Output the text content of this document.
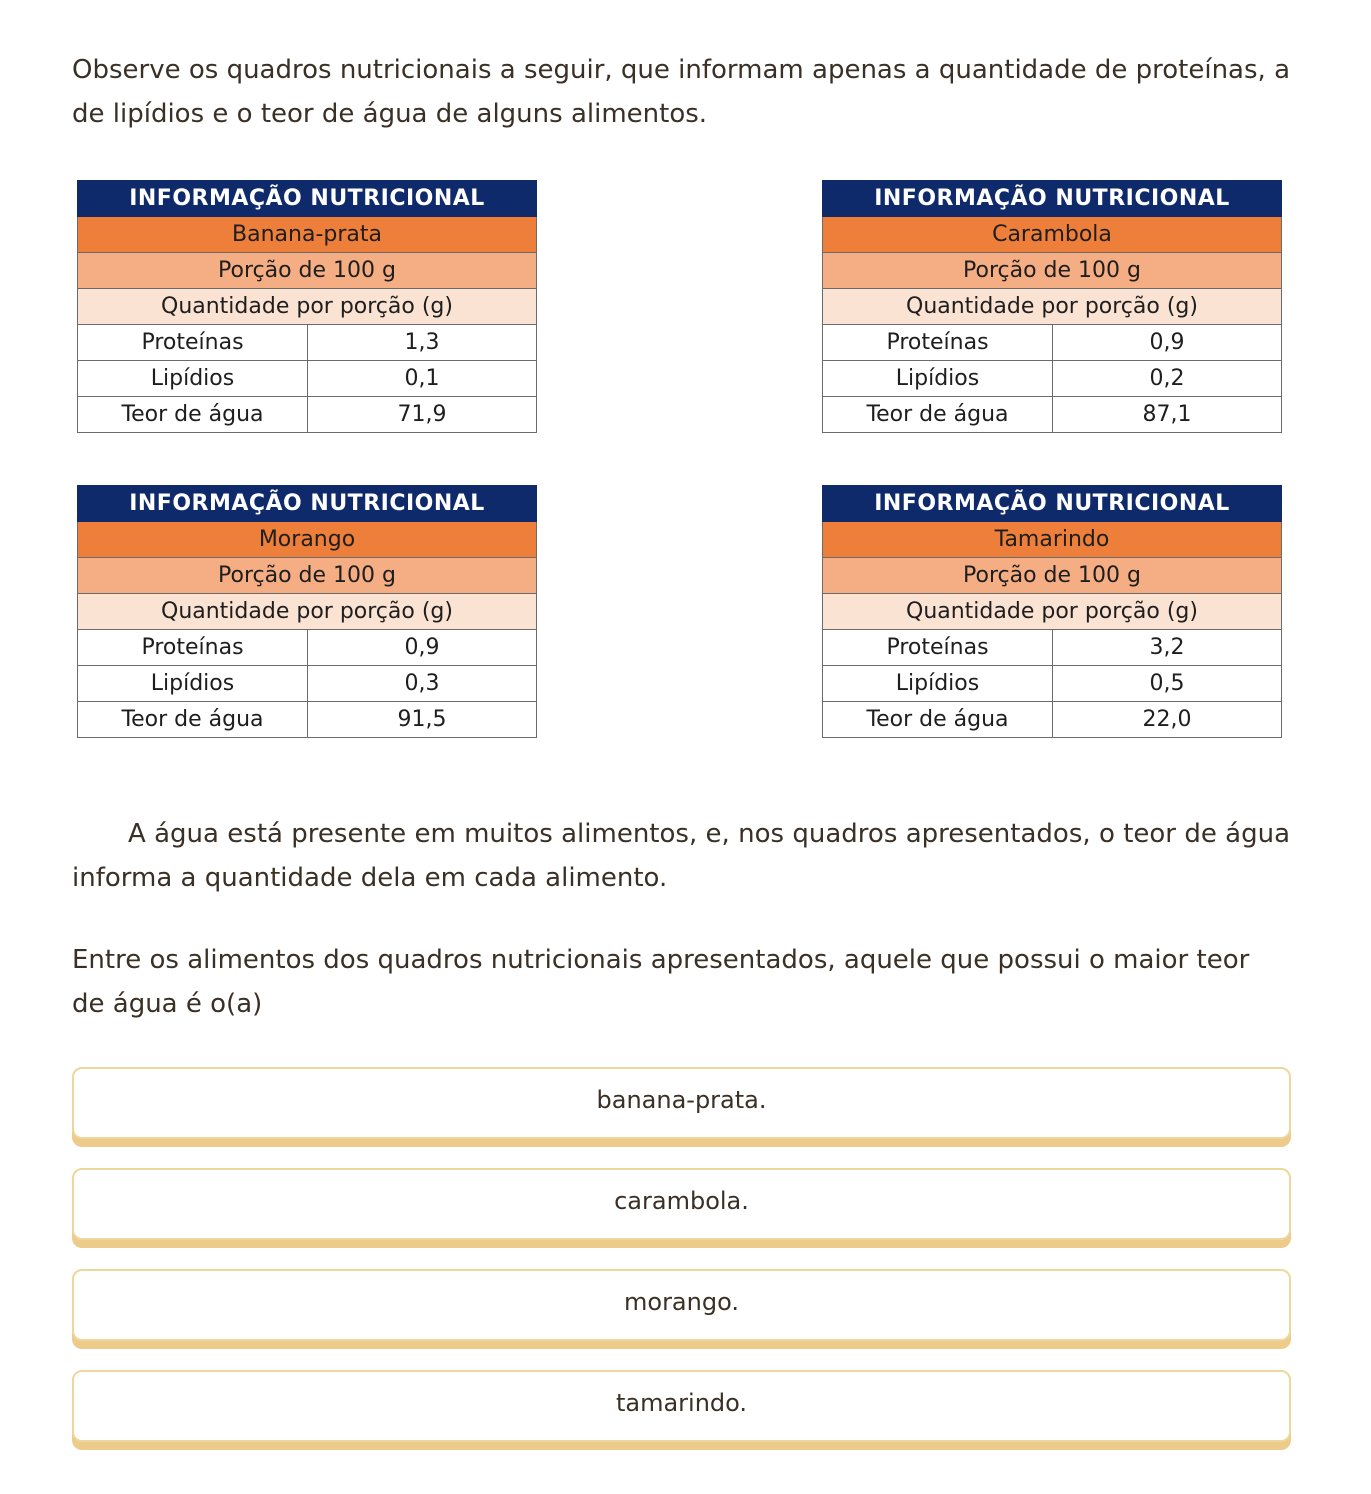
Observe os quadros nutricionais a seguir, que informam apenas a quantidade de proteínas, a de lipídios e o teor de água de alguns alimentos.

INFORMAÇÃO NUTRICIONAL	
Banana-prata	
Porção de 100 g	
Quantidade por porção (g)	
Proteínas	1,3
Lipídios	0,1
Teor de água	71,9
INFORMAÇÃO NUTRICIONAL	
Carambola	
Porção de 100 g	
Quantidade por porção (g)	
Proteínas	0,9
Lipídios	0,2
Teor de água	87,1
INFORMAÇÃO NUTRICIONAL	
Morango	
Porção de 100 g	
Quantidade por porção (g)	
Proteínas	0,9
Lipídios	0,3
Teor de água	91,5
INFORMAÇÃO NUTRICIONAL	
Tamarindo	
Porção de 100 g	
Quantidade por porção (g)	
Proteínas	3,2
Lipídios	0,5
Teor de água	22,0

A água está presente em muitos alimentos, e, nos quadros apresentados, o teor de água informa a quantidade dela em cada alimento.

Entre os alimentos dos quadros nutricionais apresentados, aquele que possui o maior teor de água é o(a)

banana-prata.
carambola.
morango.
tamarindo.
